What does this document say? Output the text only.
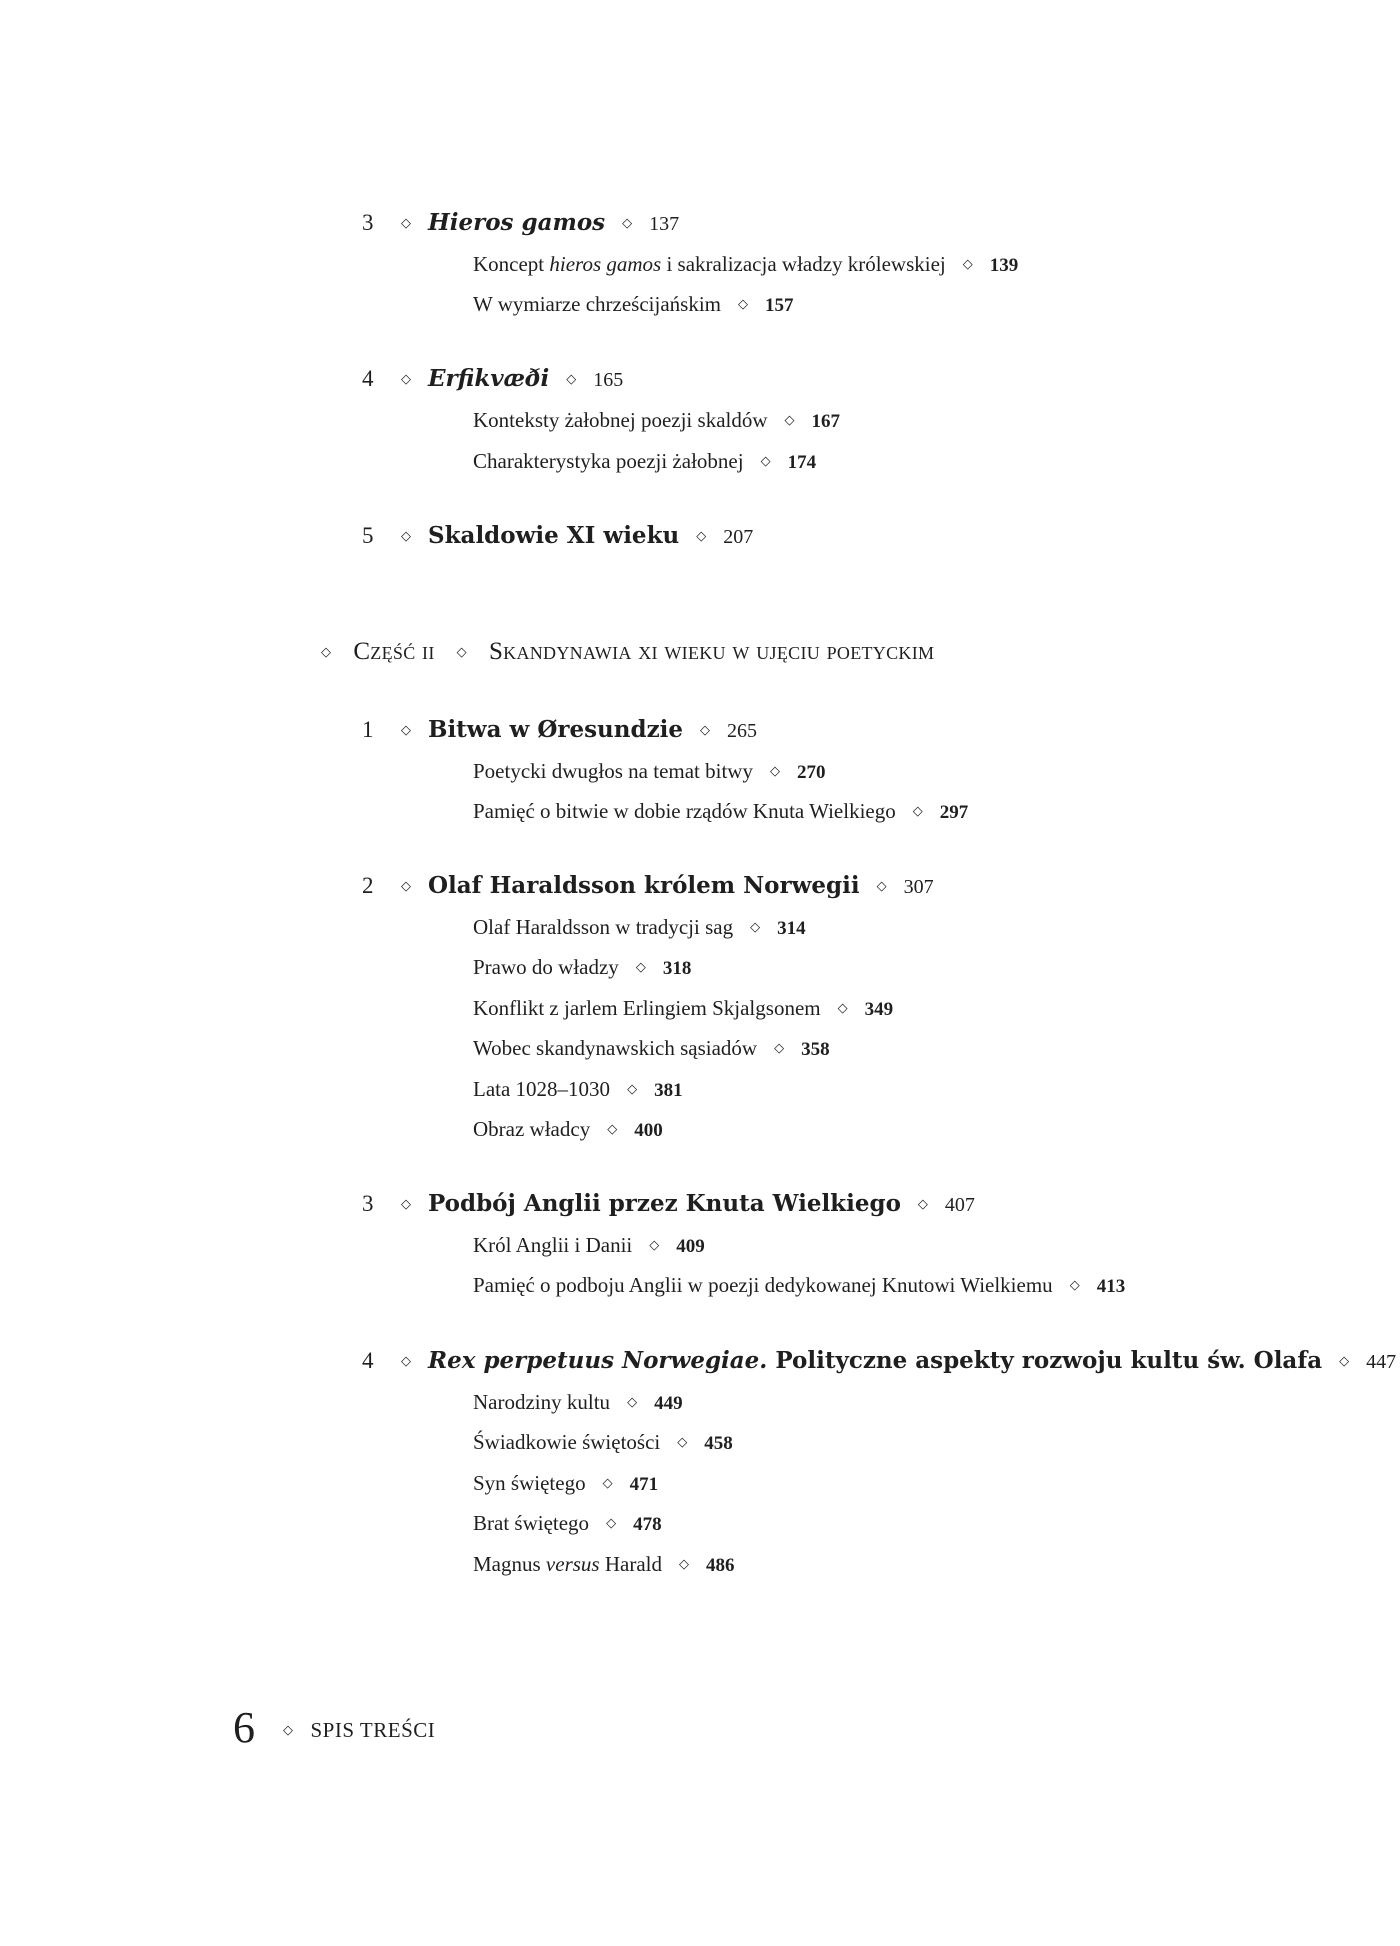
3	◇ Hieros gamos ◇ 137
Koncept hieros gamos i sakralizacja władzy królewskiej ◇ 139
W wymiarze chrześcijańskim ◇ 157
4	◇ Erfikvæði ◇ 165
Konteksty żałobnej poezji skaldów ◇ 167
Charakterystyka poezji żałobnej ◇ 174
5	◇ Skaldowie XI wieku ◇ 207
◇ Część ii ◇ Skandynawia xi wieku w ujęciu poetyckim
1	◇ Bitwa w Øresundzie ◇ 265
Poetycki dwugłos na temat bitwy ◇ 270
Pamięć o bitwie w dobie rządów Knuta Wielkiego ◇ 297
2	◇ Olaf Haraldsson królem Norwegii ◇ 307
Olaf Haraldsson w tradycji sag ◇ 314
Prawo do władzy ◇ 318
Konflikt z jarlem Erlingiem Skjalgsonem ◇ 349
Wobec skandynawskich sąsiadów ◇ 358
Lata 1028–1030 ◇ 381
Obraz władcy ◇ 400
3	◇ Podbój Anglii przez Knuta Wielkiego ◇ 407
Król Anglii i Danii ◇ 409
Pamięć o podboju Anglii w poezji dedykowanej Knutowi Wielkiemu ◇ 413
4	◇ Rex perpetuus Norwegiae. Polityczne aspekty rozwoju kultu św. Olafa ◇ 447
Narodziny kultu ◇ 449
Świadkowie świętości ◇ 458
Syn świętego ◇ 471
Brat świętego ◇ 478
Magnus versus Harald ◇ 486
6	◇ SPIS TREŚCI
